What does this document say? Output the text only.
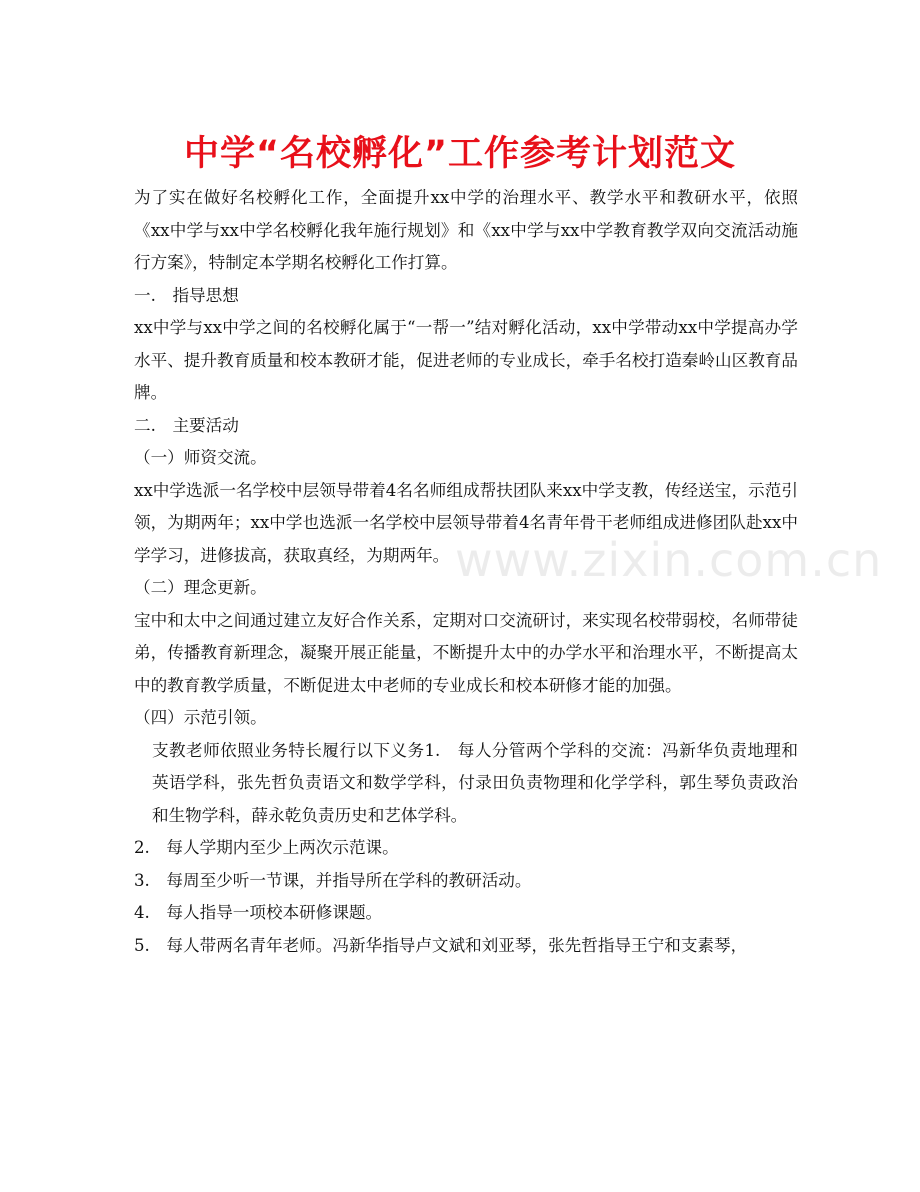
中学“名校孵化”工作参考计划范文

为了实在做好名校孵化工作，全面提升xx中学的治理水平、教学水平和教研水平，依照《xx中学与xx中学名校孵化我年施行规划》和《xx中学与xx中学教育教学双向交流活动施行方案》，特制定本学期名校孵化工作打算。

一.　指导思想

xx中学与xx中学之间的名校孵化属于“一帮一”结对孵化活动，xx中学带动xx中学提高办学水平、提升教育质量和校本教研才能，促进老师的专业成长，牵手名校打造秦岭山区教育品牌。

二.　主要活动

（一）师资交流。

xx中学选派一名学校中层领导带着4名名师组成帮扶团队来xx中学支教，传经送宝，示范引领，为期两年；xx中学也选派一名学校中层领导带着4名青年骨干老师组成进修团队赴xx中学学习，进修拔高，获取真经，为期两年。

（二）理念更新。

宝中和太中之间通过建立友好合作关系，定期对口交流研讨，来实现名校带弱校，名师带徒弟，传播教育新理念，凝聚开展正能量，不断提升太中的办学水平和治理水平，不断提高太中的教育教学质量，不断促进太中老师的专业成长和校本研修才能的加强。

（四）示范引领。

支教老师依照业务特长履行以下义务1.　每人分管两个学科的交流：冯新华负责地理和英语学科，张先哲负责语文和数学学科，付录田负责物理和化学学科，郭生琴负责政治和生物学科，薛永乾负责历史和艺体学科。

2.　每人学期内至少上两次示范课。

3.　每周至少听一节课，并指导所在学科的教研活动。

4.　每人指导一项校本研修课题。

5.　每人带两名青年老师。冯新华指导卢文斌和刘亚琴，张先哲指导王宁和支素琴，

www.zixin.com.cn
